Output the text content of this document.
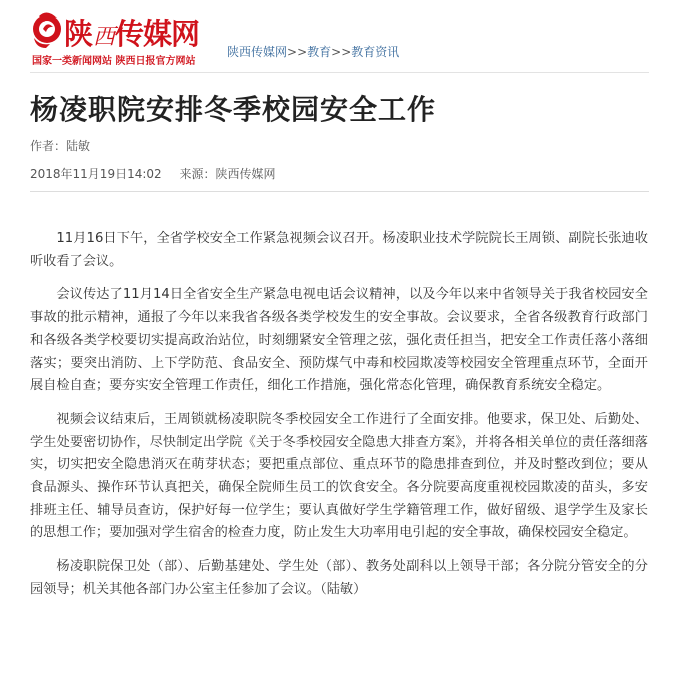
陕西传媒网
国家一类新闻网站 陕西日报官方网站
陕西传媒网>>教育>>教育资讯
杨凌职院安排冬季校园安全工作
作者：陆敏
2018年11月19日14:02 来源：陕西传媒网

11月16日下午，全省学校安全工作紧急视频会议召开。杨凌职业技术学院院长王周锁、副院长张迪收听收看了会议。

会议传达了11月14日全省安全生产紧急电视电话会议精神，以及今年以来中省领导关于我省校园安全事故的批示精神，通报了今年以来我省各级各类学校发生的安全事故。会议要求，全省各级教育行政部门和各级各类学校要切实提高政治站位，时刻绷紧安全管理之弦，强化责任担当，把安全工作责任落小落细落实；要突出消防、上下学防范、食品安全、预防煤气中毒和校园欺凌等校园安全管理重点环节，全面开展自检自查；要夯实安全管理工作责任，细化工作措施，强化常态化管理，确保教育系统安全稳定。

视频会议结束后，王周锁就杨凌职院冬季校园安全工作进行了全面安排。他要求，保卫处、后勤处、学生处要密切协作，尽快制定出学院《关于冬季校园安全隐患大排查方案》，并将各相关单位的责任落细落实，切实把安全隐患消灭在萌芽状态；要把重点部位、重点环节的隐患排查到位，并及时整改到位；要从食品源头、操作环节认真把关，确保全院师生员工的饮食安全。各分院要高度重视校园欺凌的苗头，多安排班主任、辅导员查访，保护好每一位学生；要认真做好学生学籍管理工作，做好留级、退学学生及家长的思想工作；要加强对学生宿舍的检查力度，防止发生大功率用电引起的安全事故，确保校园安全稳定。

杨凌职院保卫处（部）、后勤基建处、学生处（部）、教务处副科以上领导干部；各分院分管安全的分园领导；机关其他各部门办公室主任参加了会议。（陆敏）
